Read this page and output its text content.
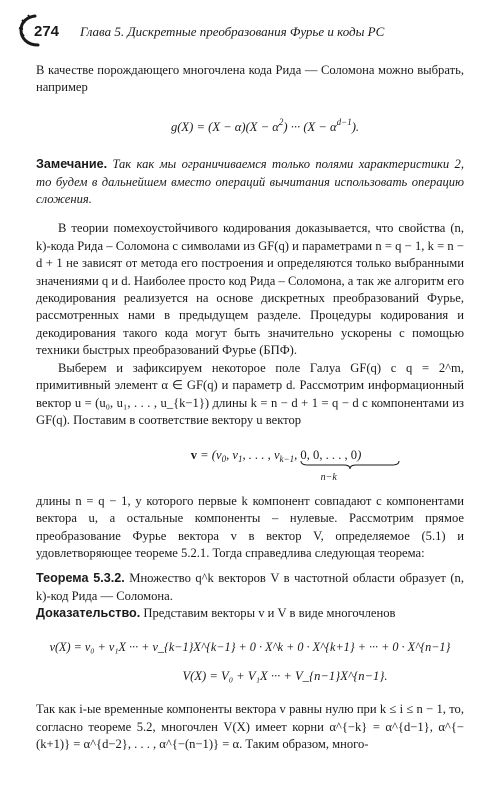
274 Глава 5. Дискретные преобразования Фурье и коды РС

В качестве порождающего многочлена кода Рида — Соломона можно выбрать, например

$g(X) = (X - \alpha)(X - \alpha^2)$ ··· $(X - \alpha^{d-1})$.

Замечание. Так как мы ограничиваемся только полями характеристики 2, то будем в дальнейшем вместо операций вычитания использовать операцию сложения.

В теории помехоустойчивого кодирования доказывается, что свойства (n, k)-кода Рида – Соломона с символами из GF(q) и параметрами n = q − 1, k = n − d + 1 не зависят от метода его построения и определяются только выбранными значениями q и d. Наиболее просто код Рида – Соломона, а так же алгоритм его декодирования реализуется на основе дискретных преобразований Фурье, рассмотренных нами в предыдущем разделе. Процедуры кодирования и декодирования такого кода могут быть значительно ускорены с помощью техники быстрых преобразований Фурье (БПФ).

Выберем и зафиксируем некоторое поле Галуа GF(q) с q = 2^m, примитивный элемент α ∈ GF(q) и параметр d. Рассмотрим информационный вектор u = (u₀, u₁, . . . , u_{k−1}) длины k = n − d + 1 = q − d с компонентами из GF(q). Поставим в соответствие вектору u вектор

$v = (v_0$, $v_1$, . . . , $v_{k-1}$, 0, 0, . . . , 0
n−k
)

длины n = q − 1, у которого первые k компонент совпадают с компонентами вектора u, а остальные компоненты – нулевые. Рассмотрим прямое преобразование Фурье вектора v в вектор V, определяемое (5.1) и удовлетворяющее теореме 5.2.1. Тогда справедлива следующая теорема:

Теорема 5.3.2. Множество q^k векторов V в частотной области образует (n, k)-код Рида — Соломона.

Доказательство. Представим векторы v и V в виде многочленов

v(X) = v₀ + v₁X ··· + v_{k−1}X^{k−1} + 0 · X^k + 0 · X^{k+1} + ··· + 0 · X^{n−1}
V(X) = V₀ + V₁X ··· + V_{n−1}X^{n−1}.

Так как i-ые временные компоненты вектора v равны нулю при k ≤ i ≤ n − 1, то, согласно теореме 5.2, многочлен V(X) имеет корни α^{−k} = α^{d−1}, α^{−(k+1)} = α^{d−2}, . . . , α^{−(n−1)} = α. Таким образом, много-
